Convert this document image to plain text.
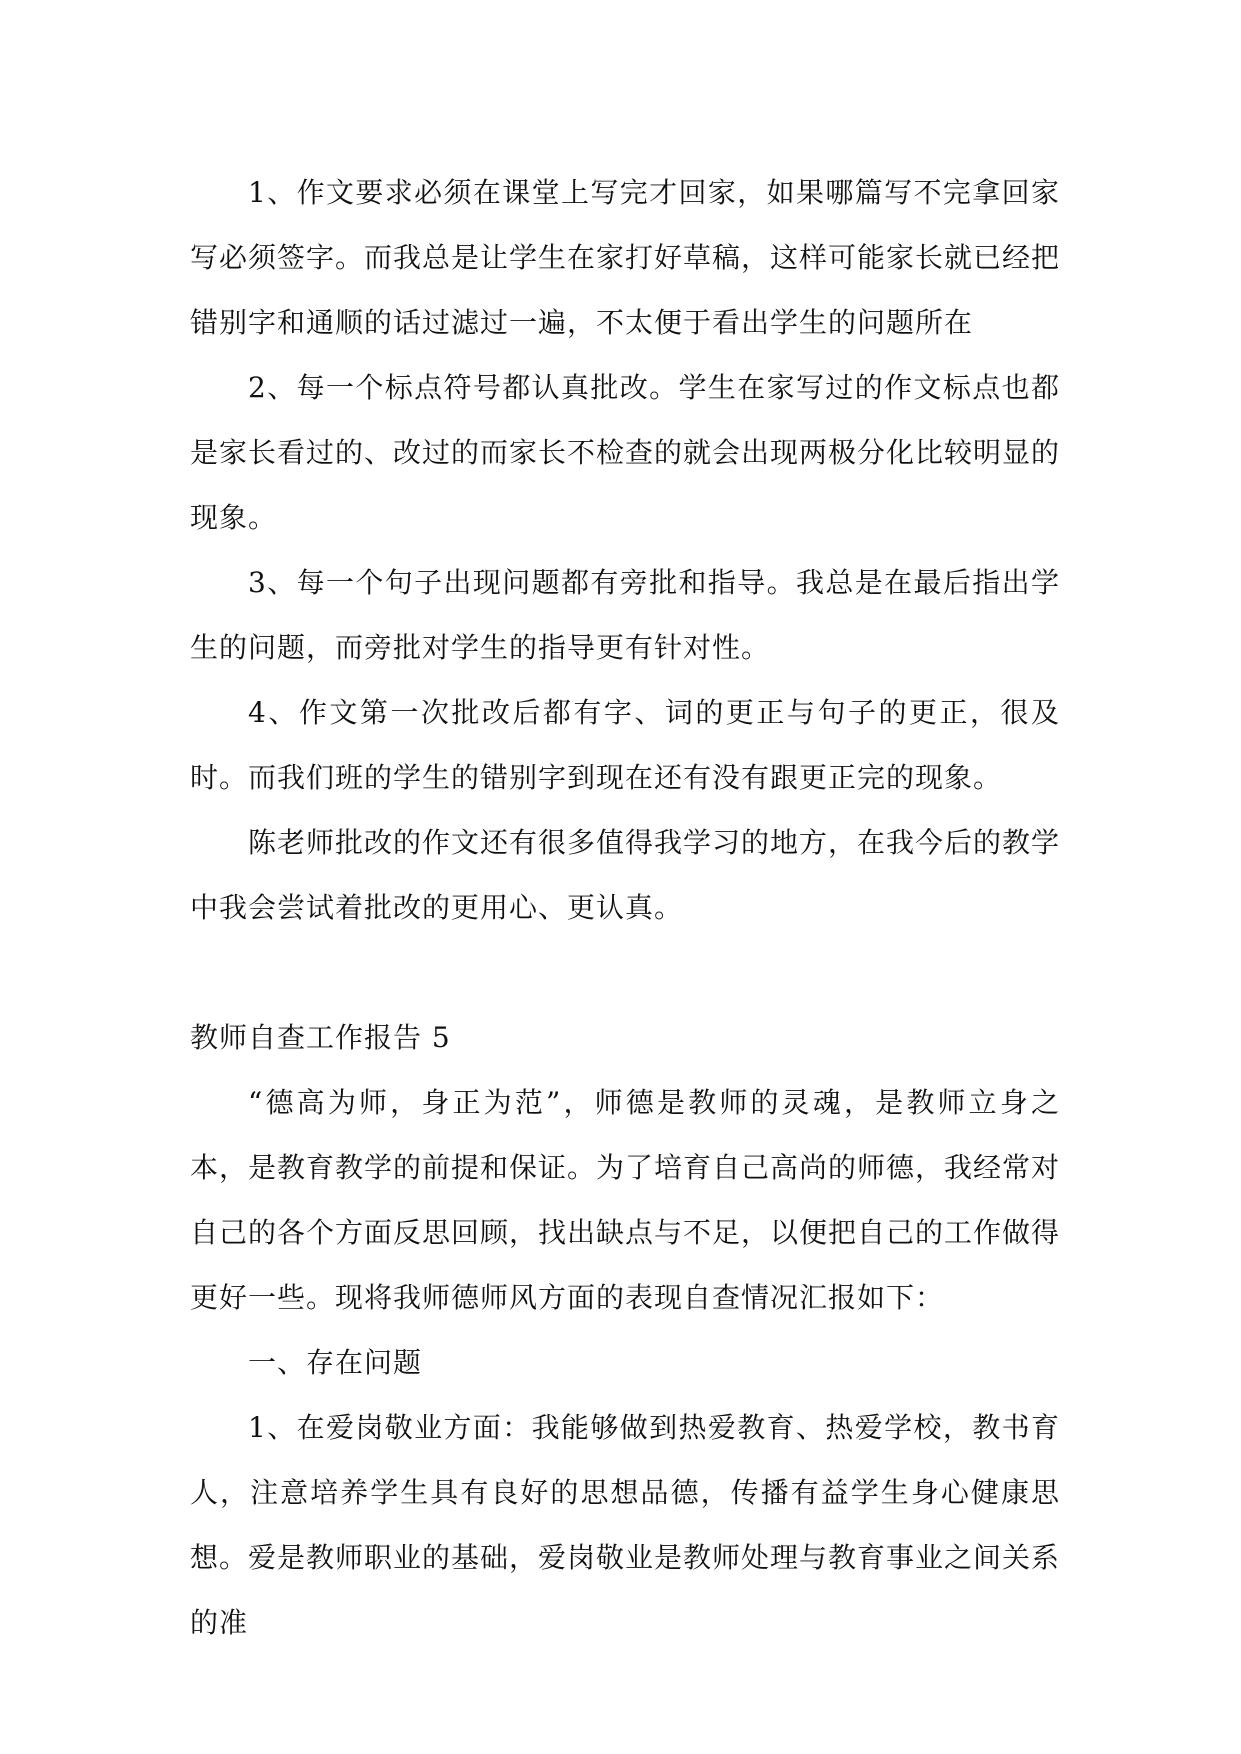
1、作文要求必须在课堂上写完才回家，如果哪篇写不完拿回家写必须签字。而我总是让学生在家打好草稿，这样可能家长就已经把错别字和通顺的话过滤过一遍，不太便于看出学生的问题所在

2、每一个标点符号都认真批改。学生在家写过的作文标点也都是家长看过的、改过的而家长不检查的就会出现两极分化比较明显的现象。

3、每一个句子出现问题都有旁批和指导。我总是在最后指出学生的问题，而旁批对学生的指导更有针对性。

4、作文第一次批改后都有字、词的更正与句子的更正，很及时。而我们班的学生的错别字到现在还有没有跟更正完的现象。

陈老师批改的作文还有很多值得我学习的地方，在我今后的教学中我会尝试着批改的更用心、更认真。

教师自查工作报告 5

“德高为师，身正为范”，师德是教师的灵魂，是教师立身之本，是教育教学的前提和保证。为了培育自己高尚的师德，我经常对自己的各个方面反思回顾，找出缺点与不足，以便把自己的工作做得更好一些。现将我师德师风方面的表现自查情况汇报如下：

一、存在问题

1、在爱岗敬业方面：我能够做到热爱教育、热爱学校，教书育人，注意培养学生具有良好的思想品德，传播有益学生身心健康思想。爱是教师职业的基础，爱岗敬业是教师处理与教育事业之间关系的准
